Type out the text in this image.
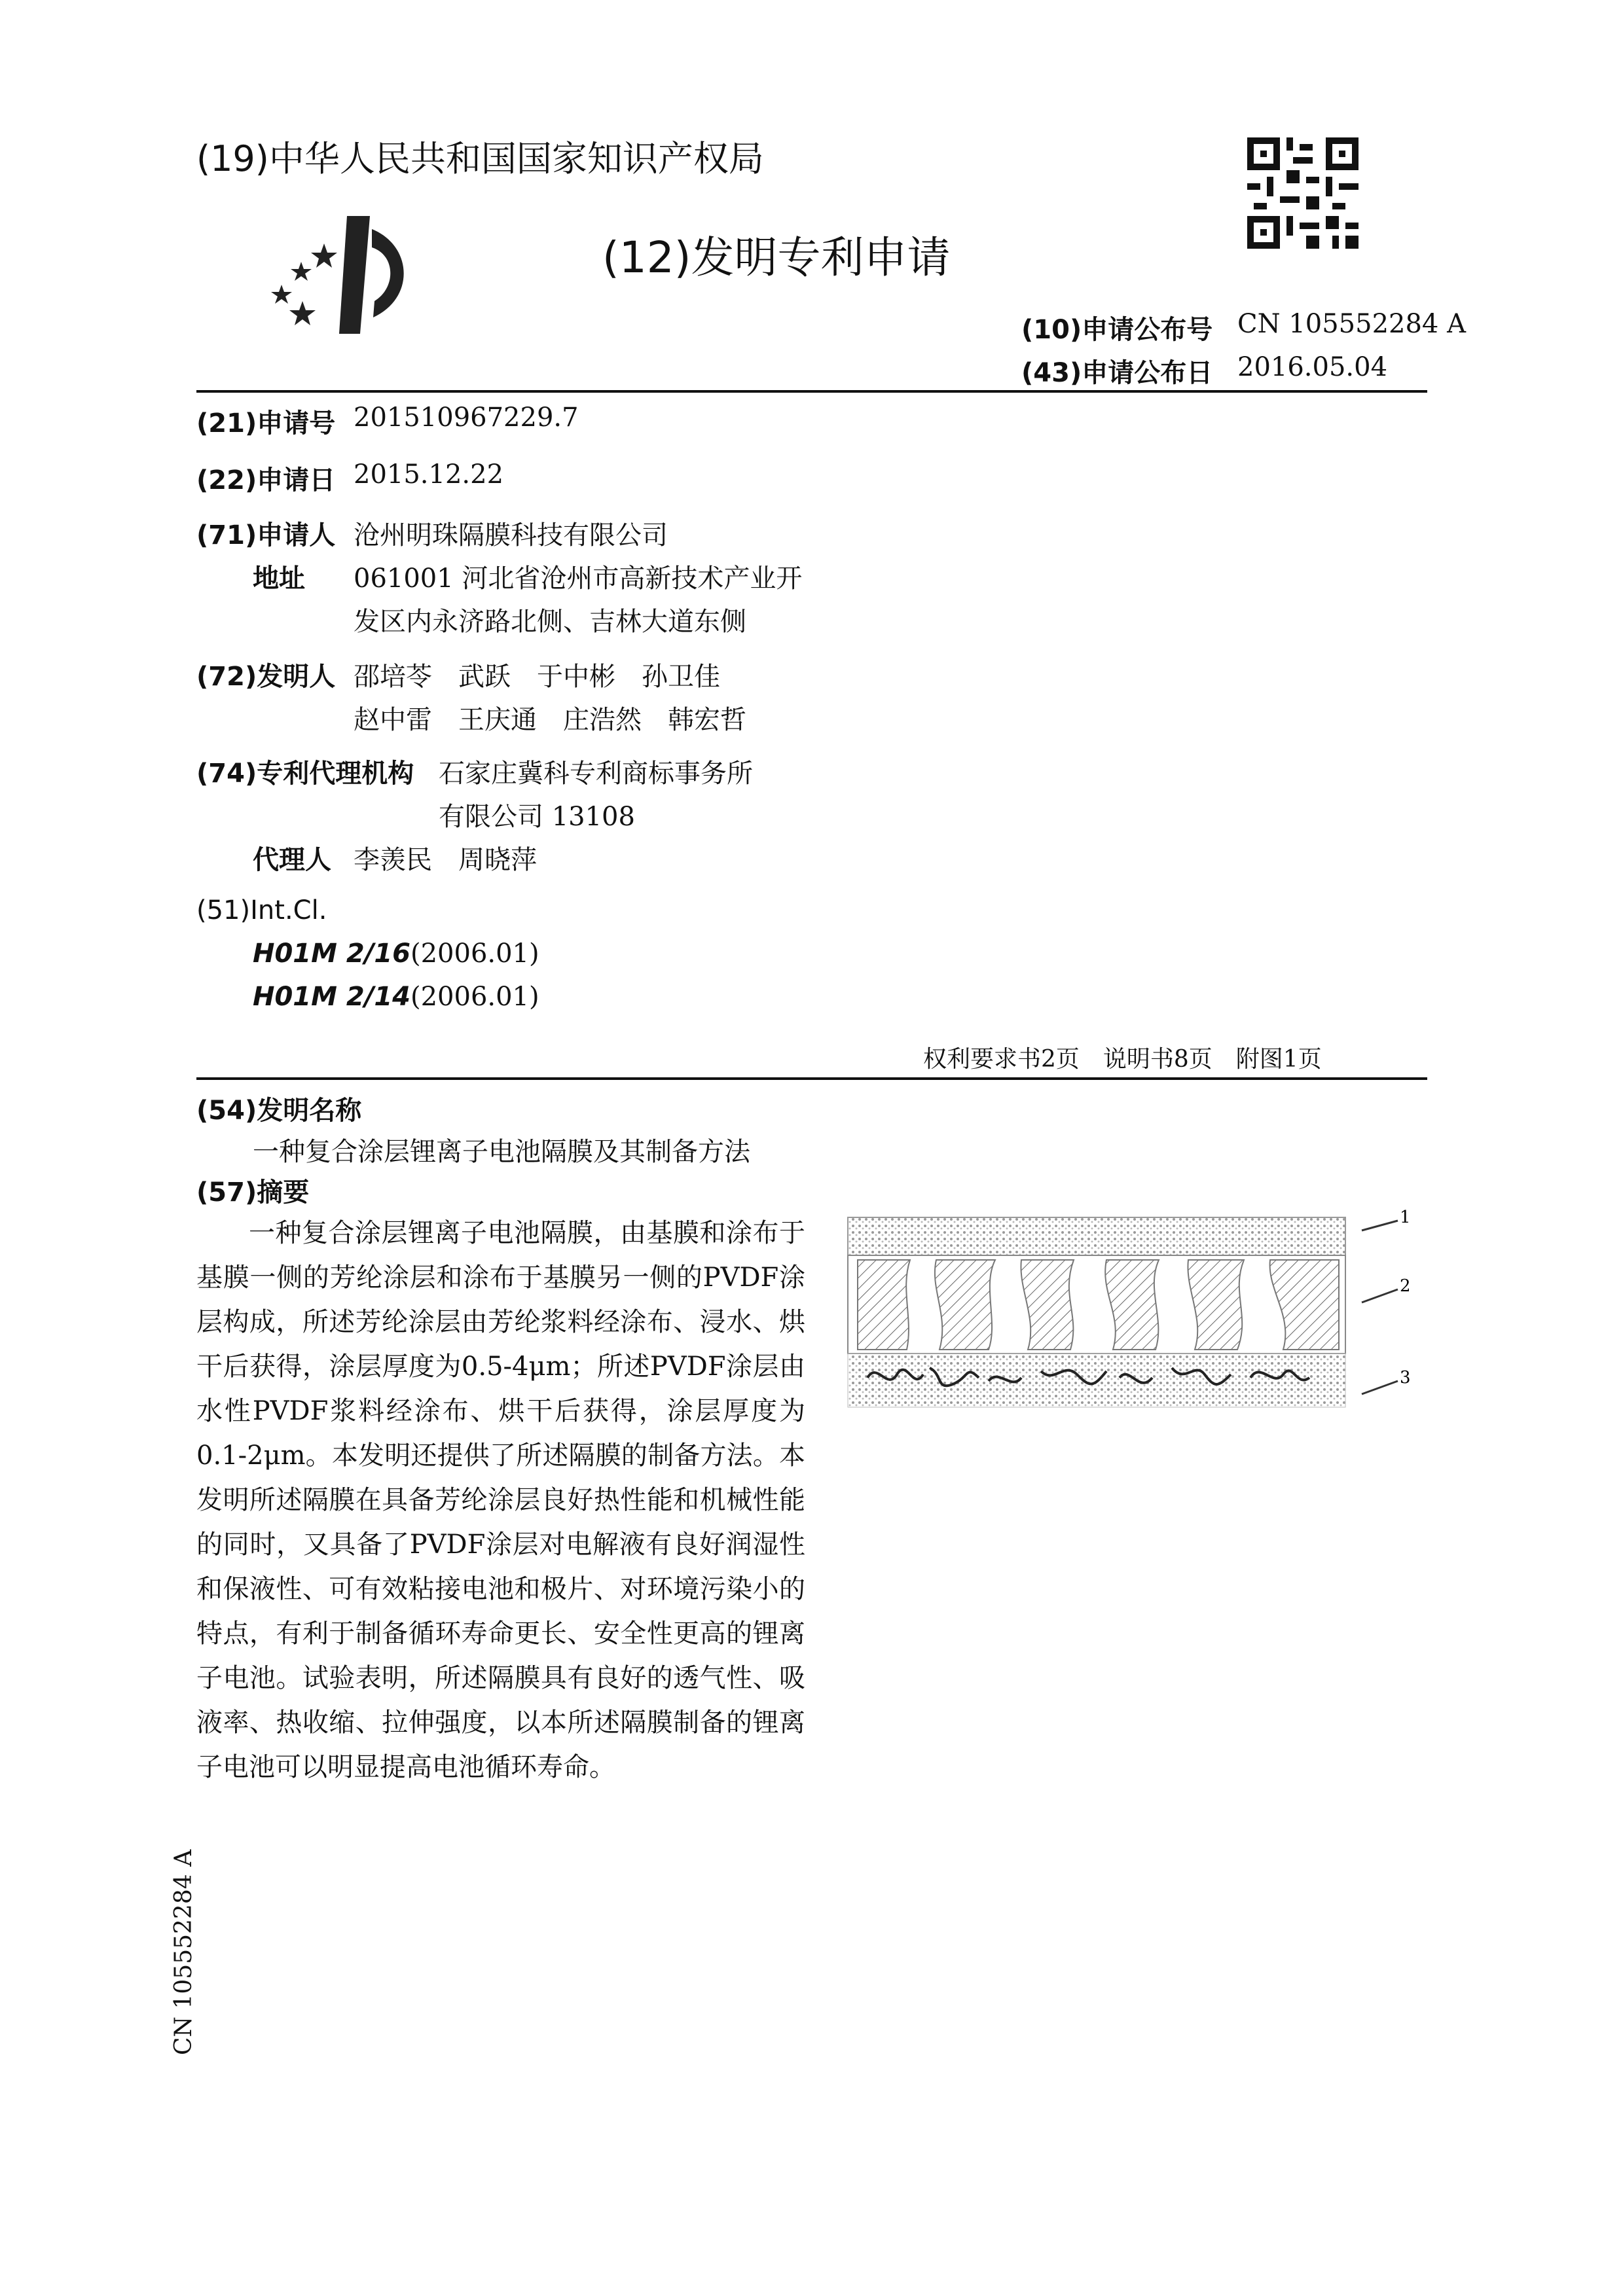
(19)中华人民共和国国家知识产权局
(12)发明专利申请
(10)申请公布号 CN 105552284 A
(43)申请公布日 2016.05.04
(21)申请号 201510967229.7
(22)申请日 2015.12.22
(71)申请人 沧州明珠隔膜科技有限公司
地址 061001 河北省沧州市高新技术产业开
发区内永济路北侧、吉林大道东侧
(72)发明人 邵培苓　武跃　于中彬　孙卫佳
赵中雷　王庆通　庄浩然　韩宏哲
(74)专利代理机构 石家庄冀科专利商标事务所
有限公司 13108
代理人 李羡民　周晓萍
(51)Int.Cl.
H01M 2/16(2006.01)
H01M 2/14(2006.01)
权利要求书2页　说明书8页　附图1页
(54)发明名称
一种复合涂层锂离子电池隔膜及其制备方法
(57)摘要
一种复合涂层锂离子电池隔膜，由基膜和涂布于基膜一侧的芳纶涂层和涂布于基膜另一侧的PVDF涂层构成，所述芳纶涂层由芳纶浆料经涂布、浸水、烘干后获得，涂层厚度为0.5-4μm；所述PVDF涂层由水性PVDF浆料经涂布、烘干后获得，涂层厚度为0.1-2μm。本发明还提供了所述隔膜的制备方法。本发明所述隔膜在具备芳纶涂层良好热性能和机械性能的同时，又具备了PVDF涂层对电解液有良好润湿性和保液性、可有效粘接电池和极片、对环境污染小的特点，有利于制备循环寿命更长、安全性更高的锂离子电池。试验表明，所述隔膜具有良好的透气性、吸液率、热收缩、拉伸强度，以本所述隔膜制备的锂离子电池可以明显提高电池循环寿命。
1
2
3
CN 105552284 A
